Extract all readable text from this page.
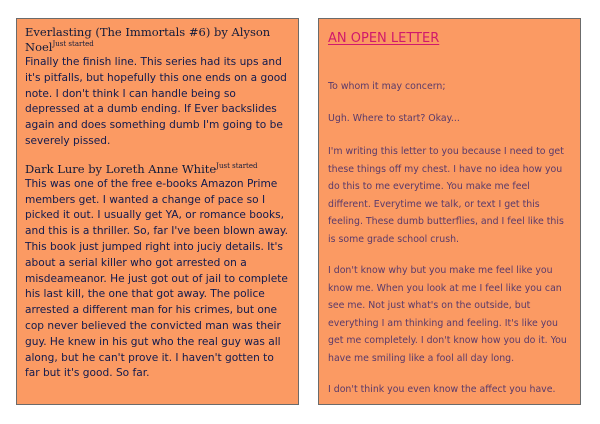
Everlasting (The Immortals #6) by Alyson Noel$^{Just started}$

Finally the finish line. This series had its ups and it's pitfalls, but hopefully this one ends on a good note. I don't think I can handle being so depressed at a dumb ending. If Ever backslides again and does something dumb I'm going to be severely pissed.

Dark Lure by Loreth Anne White$^{Just started}$

This was one of the free e-books Amazon Prime members get. I wanted a change of pace so I picked it out. I usually get YA, or romance books, and this is a thriller. So, far I've been blown away. This book just jumped right into juciy details. It's about a serial killer who got arrested on a misdeameanor. He just got out of jail to complete his last kill, the one that got away. The police arrested a different man for his crimes, but one cop never believed the convicted man was their guy. He knew in his gut who the real guy was all along, but he can't prove it. I haven't gotten to far but it's good. So far.

AN OPEN LETTER

To whom it may concern;

Ugh. Where to start? Okay...

I'm writing this letter to you because I need to get these things off my chest. I have no idea how you do this to me everytime. You make me feel different. Everytime we talk, or text I get this feeling. These dumb butterflies, and I feel like this is some grade school crush.

I don't know why but you make me feel like you know me. When you look at me I feel like you can see me. Not just what's on the outside, but everything I am thinking and feeling. It's like you get me completely. I don't know how you do it. You have me smiling like a fool all day long.

I don't think you even know the affect you have.
